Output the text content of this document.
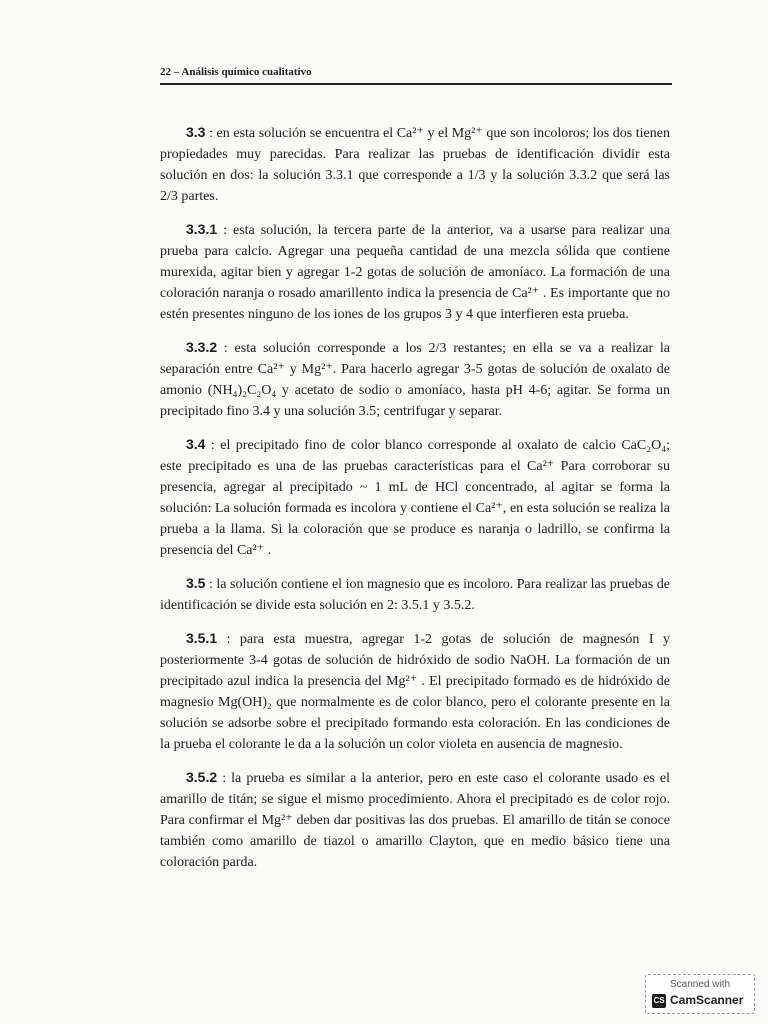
22 – Análisis químico cualitativo

3.3 : en esta solución se encuentra el Ca²⁺ y el Mg²⁺ que son incoloros; los dos tienen propiedades muy parecidas. Para realizar las pruebas de identificación dividir esta solución en dos: la solución 3.3.1 que corresponde a 1/3 y la solución 3.3.2 que será las 2/3 partes.

3.3.1 : esta solución, la tercera parte de la anterior, va a usarse para realizar una prueba para calcio. Agregar una pequeña cantidad de una mezcla sólida que contiene murexida, agitar bien y agregar 1-2 gotas de solución de amoníaco. La formación de una coloración naranja o rosado amarillento indica la presencia de Ca²⁺ . Es importante que no estén presentes ninguno de los iones de los grupos 3 y 4 que interfieren esta prueba.

3.3.2 : esta solución corresponde a los 2/3 restantes; en ella se va a realizar la separación entre Ca²⁺ y Mg²⁺. Para hacerlo agregar 3-5 gotas de solución de oxalato de amonio (NH₄)₂C₂O₄ y acetato de sodio o amoníaco, hasta pH 4-6; agitar. Se forma un precipitado fino 3.4 y una solución 3.5; centrifugar y separar.

3.4 : el precipitado fino de color blanco corresponde al oxalato de calcio CaC₂O₄; este precipitado es una de las pruebas características para el Ca²⁺ Para corroborar su presencia, agregar al precipitado ~ 1 mL de HCl concentrado, al agitar se forma la solución: La solución formada es incolora y contiene el Ca²⁺, en esta solución se realiza la prueba a la llama. Si la coloración que se produce es naranja o ladrillo, se confirma la presencia del Ca²⁺ .

3.5 : la solución contiene el ion magnesio que es incoloro. Para realizar las pruebas de identificación se divide esta solución en 2: 3.5.1 y 3.5.2.

3.5.1 : para esta muestra, agregar 1-2 gotas de solución de magnesón I y posteriormente 3-4 gotas de solución de hidróxido de sodio NaOH. La formación de un precipitado azul indica la presencia del Mg²⁺ . El precipitado formado es de hidróxido de magnesio Mg(OH)₂ que normalmente es de color blanco, pero el colorante presente en la solución se adsorbe sobre el precipitado formando esta coloración. En las condiciones de la prueba el colorante le da a la solución un color violeta en ausencia de magnesio.

3.5.2 : la prueba es similar a la anterior, pero en este caso el colorante usado es el amarillo de titán; se sigue el mismo procedimiento. Ahora el precipitado es de color rojo. Para confirmar el Mg²⁺ deben dar positivas las dos pruebas. El amarillo de titán se conoce también como amarillo de tiazol o amarillo Clayton, que en medio básico tiene una coloración parda.

Scanned with
CS CamScanner
